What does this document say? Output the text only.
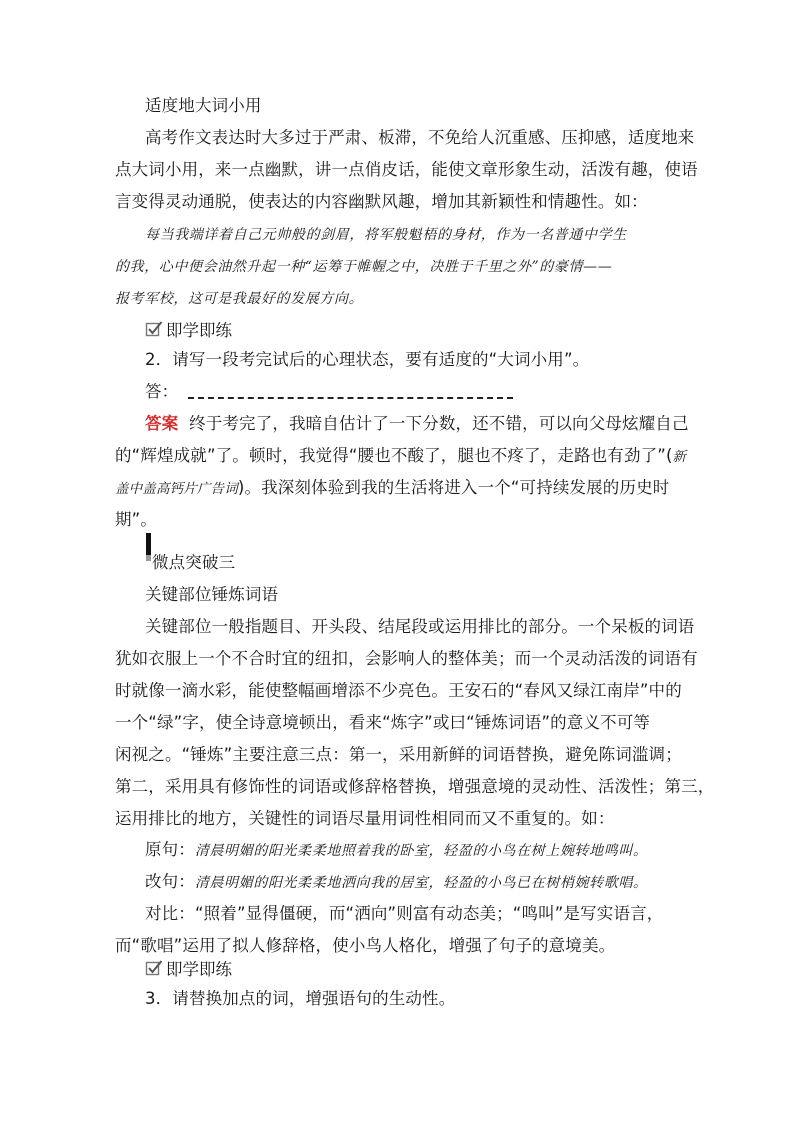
适度地大词小用
高考作文表达时大多过于严肃、板滞，不免给人沉重感、压抑感，适度地来
点大词小用，来一点幽默，讲一点俏皮话，能使文章形象生动，活泼有趣，使语
言变得灵动通脱，使表达的内容幽默风趣，增加其新颖性和情趣性。如：
每当我端详着自己元帅般的剑眉，将军般魁梧的身材，作为一名普通中学生
的我，心中便会油然升起一种“运筹于帷幄之中，决胜于千里之外”的豪情——
报考军校，这可是我最好的发展方向。
即学即练
2．请写一段考完试后的心理状态，要有适度的“大词小用”。
答：
答案 终于考完了，我暗自估计了一下分数，还不错，可以向父母炫耀自己
的“辉煌成就”了。顿时，我觉得“腰也不酸了，腿也不疼了，走路也有劲了”(新
盖中盖高钙片广告词)。我深刻体验到我的生活将进入一个“可持续发展的历史时
期”。
微点突破三
关键部位锤炼词语
关键部位一般指题目、开头段、结尾段或运用排比的部分。一个呆板的词语
犹如衣服上一个不合时宜的纽扣，会影响人的整体美；而一个灵动活泼的词语有
时就像一滴水彩，能使整幅画增添不少亮色。王安石的“春风又绿江南岸”中的
一个“绿”字，使全诗意境顿出，看来“炼字”或曰“锤炼词语”的意义不可等
闲视之。“锤炼”主要注意三点：第一，采用新鲜的词语替换，避免陈词滥调；
第二，采用具有修饰性的词语或修辞格替换，增强意境的灵动性、活泼性；第三，
运用排比的地方，关键性的词语尽量用词性相同而又不重复的。如：
原句：清晨明媚的阳光柔柔地照着我的卧室，轻盈的小鸟在树上婉转地鸣叫。
改句：清晨明媚的阳光柔柔地洒向我的居室，轻盈的小鸟已在树梢婉转歌唱。
对比：“照着”显得僵硬，而“洒向”则富有动态美；“鸣叫”是写实语言，
而“歌唱”运用了拟人修辞格，使小鸟人格化，增强了句子的意境美。
即学即练
3．请替换加点的词，增强语句的生动性。
